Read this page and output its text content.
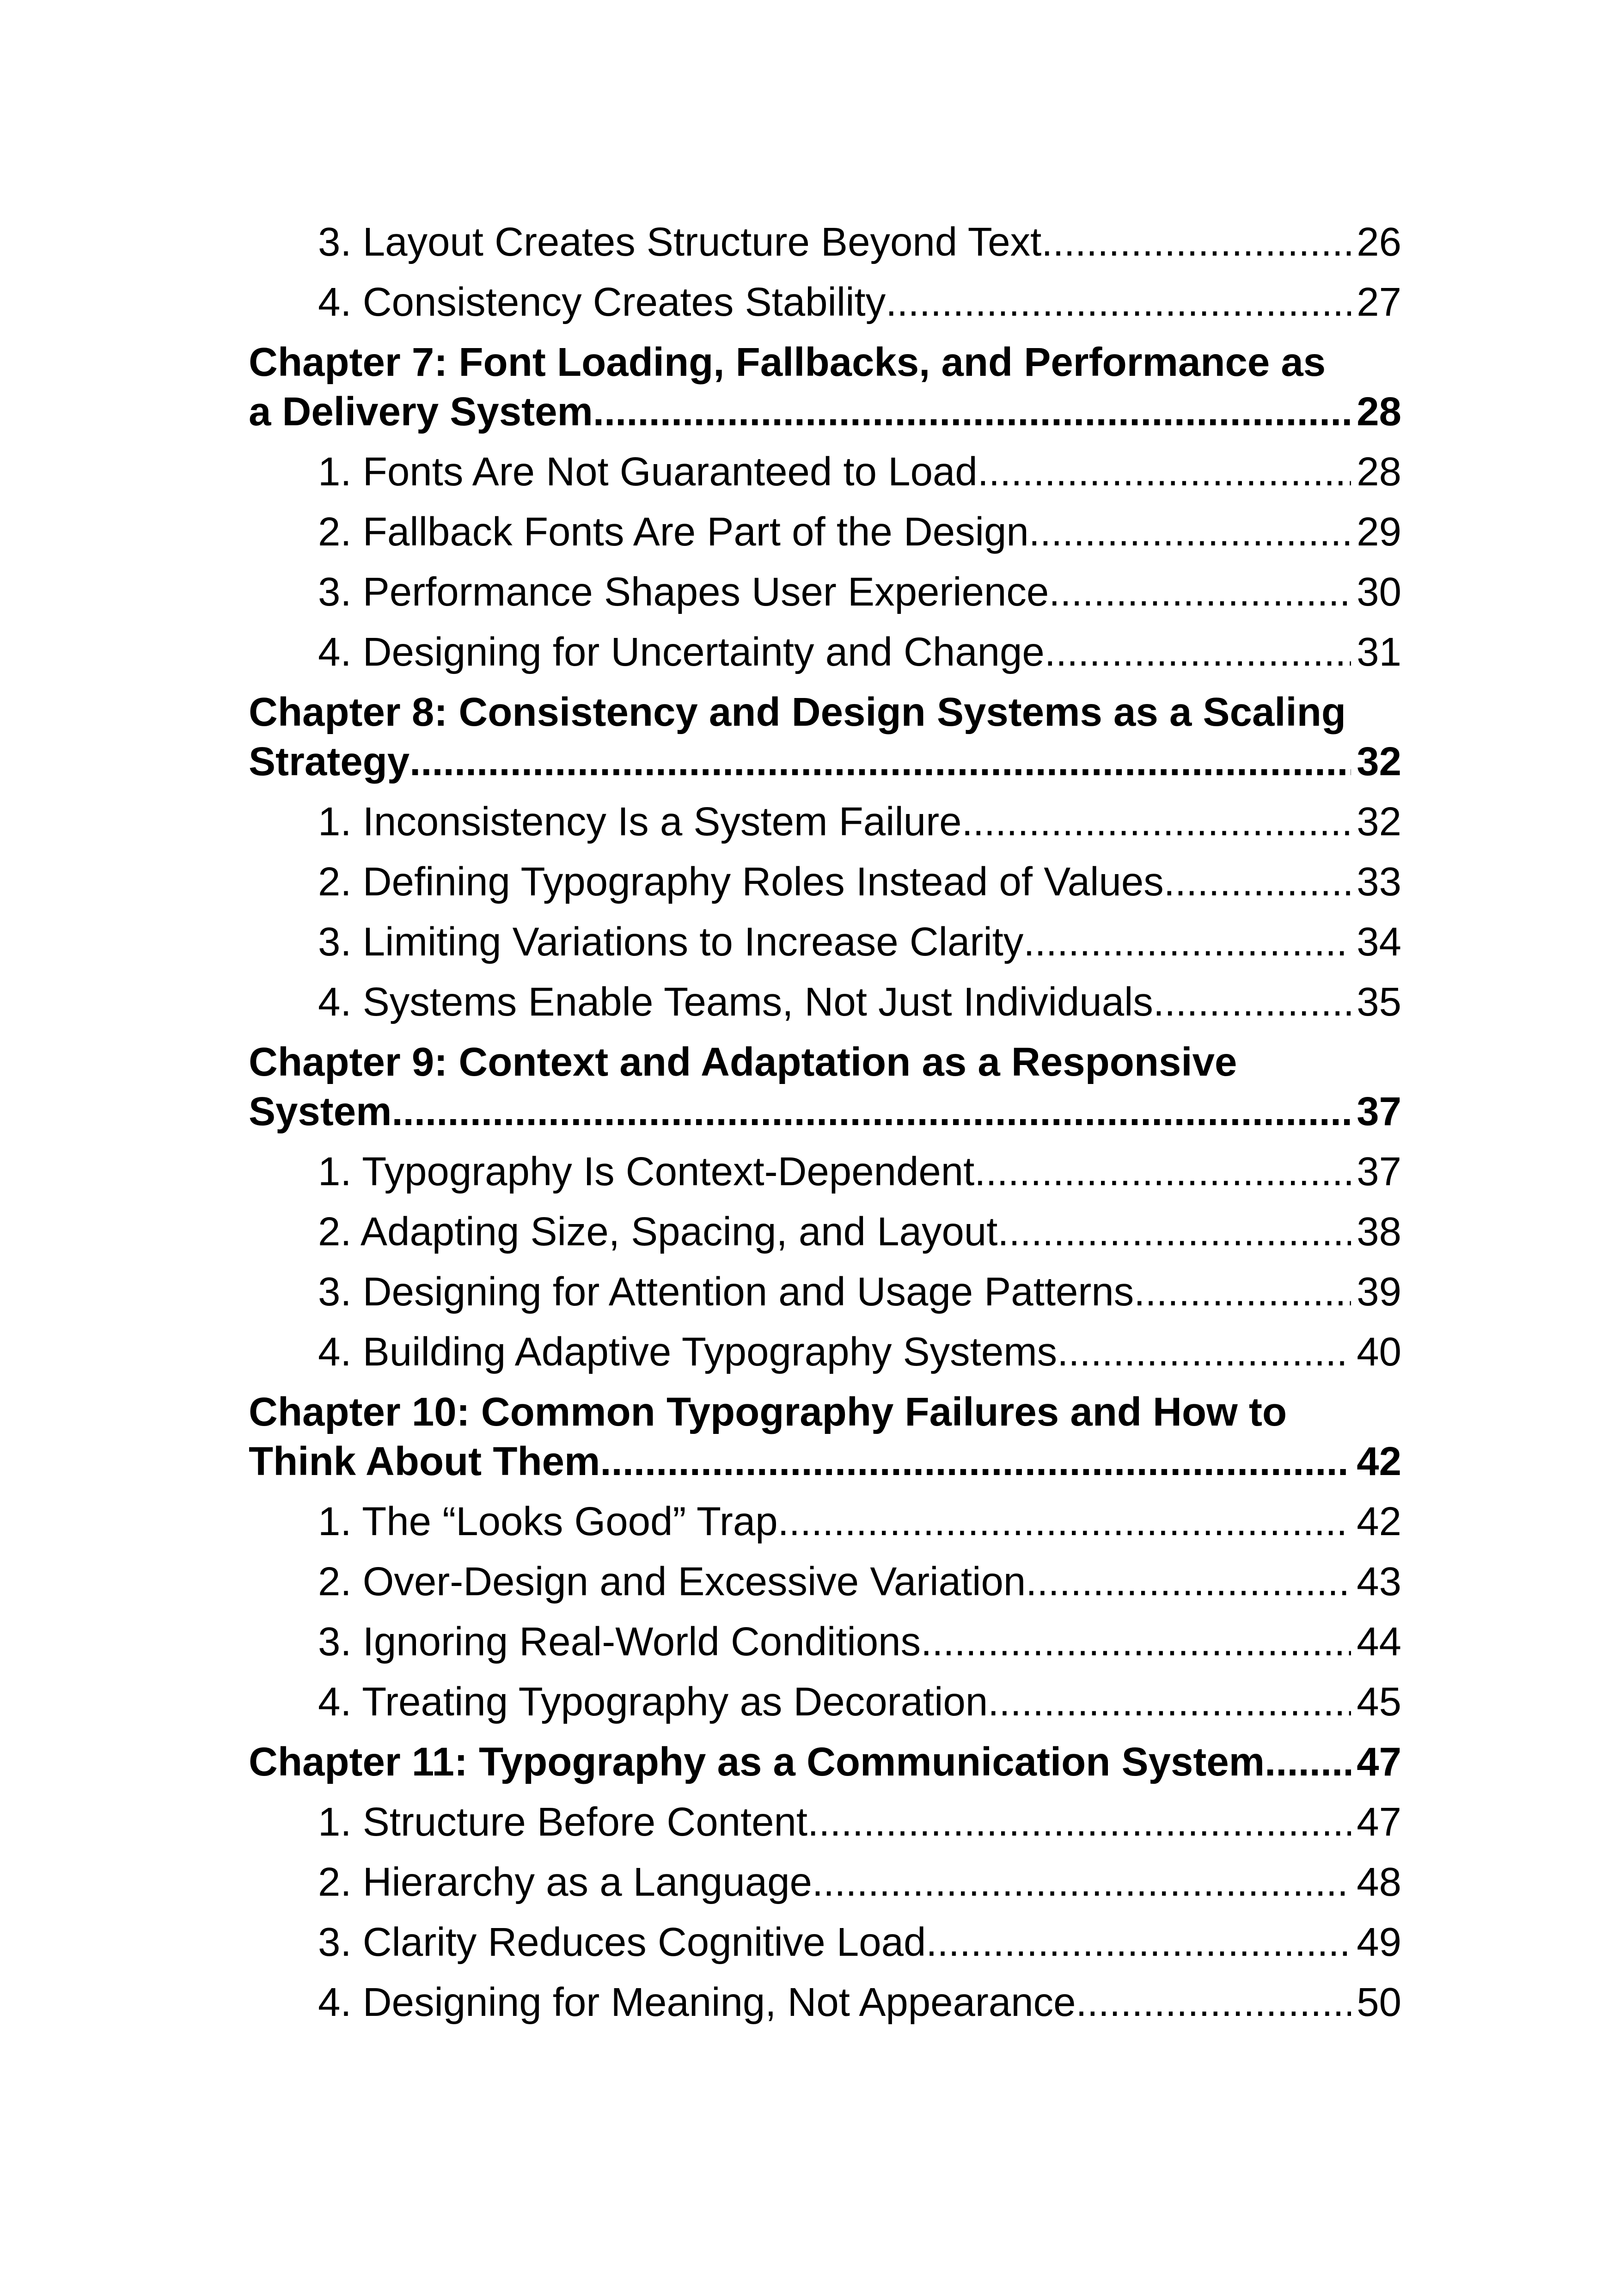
3. Layout Creates Structure Beyond Text .....	26
4. Consistency Creates Stability .....	27
Chapter 7: Font Loading, Fallbacks, and Performance as
a Delivery System .....	28
1. Fonts Are Not Guaranteed to Load .....	28
2. Fallback Fonts Are Part of the Design .....	29
3. Performance Shapes User Experience .....	30
4. Designing for Uncertainty and Change .....	31
Chapter 8: Consistency and Design Systems as a Scaling
Strategy .....	32
1. Inconsistency Is a System Failure .....	32
2. Defining Typography Roles Instead of Values .....	33
3. Limiting Variations to Increase Clarity .....	34
4. Systems Enable Teams, Not Just Individuals .....	35
Chapter 9: Context and Adaptation as a Responsive
System .....	37
1. Typography Is Context-Dependent .....	37
2. Adapting Size, Spacing, and Layout .....	38
3. Designing for Attention and Usage Patterns .....	39
4. Building Adaptive Typography Systems .....	40
Chapter 10: Common Typography Failures and How to
Think About Them .....	42
1. The “Looks Good” Trap .....	42
2. Over-Design and Excessive Variation .....	43
3. Ignoring Real-World Conditions .....	44
4. Treating Typography as Decoration .....	45
Chapter 11: Typography as a Communication System ..... 47
1. Structure Before Content .....	47
2. Hierarchy as a Language .....	48
3. Clarity Reduces Cognitive Load .....	49
4. Designing for Meaning, Not Appearance .....	50
